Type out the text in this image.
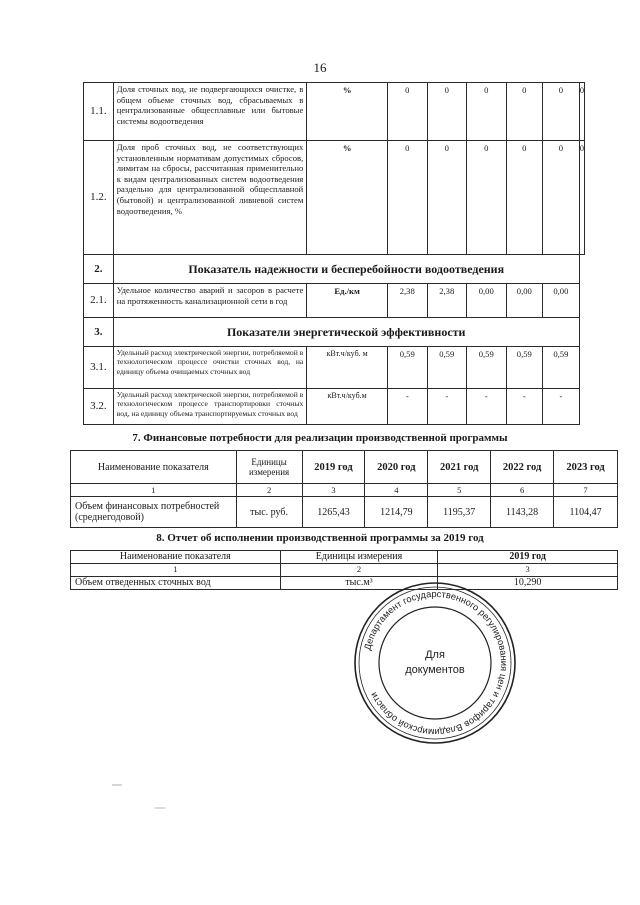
16
1.1.	Доля сточных вод, не подвергающихся очистке, в общем объеме сточных вод, сбрасываемых в централизованные общесплавные или бытовые системы водоотведения	%	0	0	0	0	0	0
1.2.	Доля проб сточных вод, не соответствующих установленным нормативам допустимых сбросов, лимитам на сбросы, рассчитанная применительно к видам централизованных систем водоотведения раздельно для централизованной общесплавной (бытовой) и централизованной ливневой систем водоотведения, %	%	0	0	0	0	0	0
2.	Показатель надежности и бесперебойности водоотведения							
2.1.	Удельное количество аварий и засоров в расчете на протяженность канализационной сети в год	Ед./км	2,38	2,38	0,00	0,00	0,00	
3.	Показатели энергетической эффективности							
3.1.	Удельный расход электрической энергии, потребляемой в технологическом процессе очистки сточных вод, на единицу объема очищаемых сточных вод	кВт.ч/куб. м	0,59	0,59	0,59	0,59	0,59	
3.2.	Удельный расход электрической энергии, потребляемой в технологическом процессе транспортировки сточных вод, на единицу объема транспортируемых сточных вод	кВт.ч/куб.м	-	-	-	-	-	
7. Финансовые потребности для реализации производственной программы
Наименование показателя	Единицы измерения	2019 год	2020 год	2021 год	2022 год	2023 год
1	2	3	4	5	6	7
Объем финансовых потребностей (среднегодовой)	тыс. руб.	1265,43	1214,79	1195,37	1143,28	1104,47
8. Отчет об исполнении производственной программы за 2019 год
Наименование показателя	Единицы измерения	2019 год
1	2	3
Объем отведенных сточных вод	тыс.м³	10,290
Департамент государственного регулирования цен и тарифов Владимирской области
Для
документов
